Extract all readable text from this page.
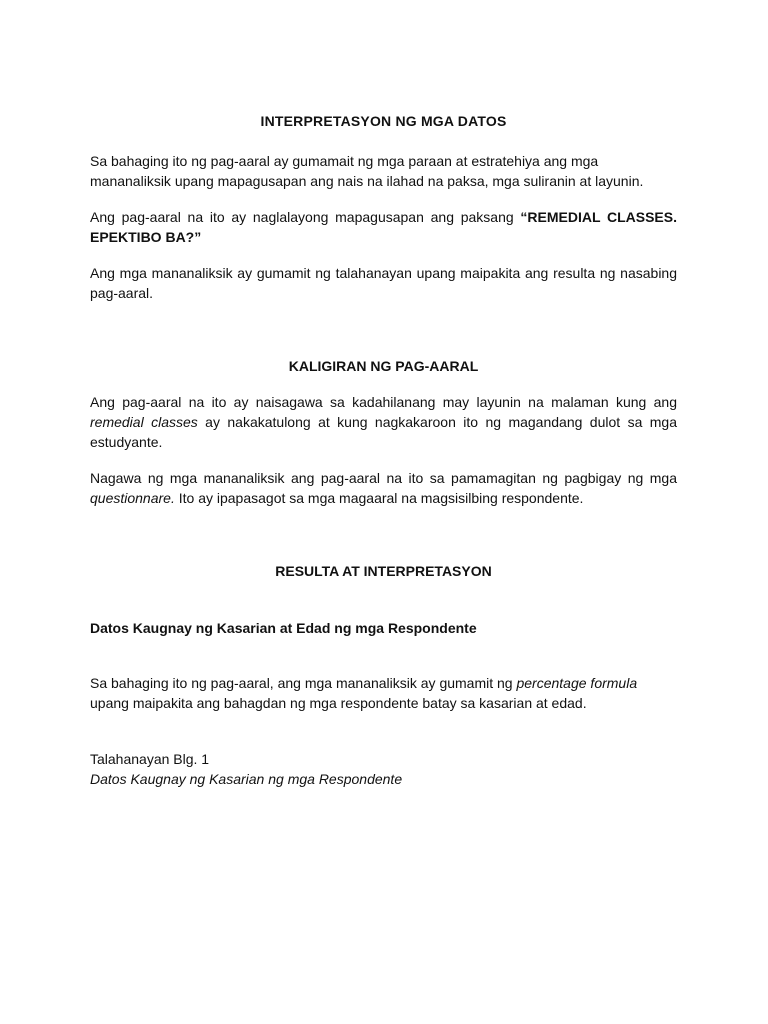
INTERPRETASYON NG MGA DATOS
Sa bahaging ito ng pag-aaral ay gumamait ng mga paraan at estratehiya ang mga mananaliksik upang mapagusapan ang nais na ilahad na paksa, mga suliranin at layunin.
Ang pag-aaral na ito ay naglalayong mapagusapan ang paksang “REMEDIAL CLASSES. EPEKTIBO BA?”
Ang mga mananaliksik ay gumamit ng talahanayan upang maipakita ang resulta ng nasabing pag-aaral.
KALIGIRAN NG PAG-AARAL
Ang pag-aaral na ito ay naisagawa sa kadahilanang may layunin na malaman kung ang remedial classes ay nakakatulong at kung nagkakaroon ito ng magandang dulot sa mga estudyante.
Nagawa ng mga mananaliksik ang pag-aaral na ito sa pamamagitan ng pagbigay ng mga questionnare. Ito ay ipapasagot sa mga magaaral na magsisilbing respondente.
RESULTA AT INTERPRETASYON
Datos Kaugnay ng Kasarian at Edad ng mga Respondente
Sa bahaging ito ng pag-aaral, ang mga mananaliksik ay gumamit ng percentage formula upang maipakita ang bahagdan ng mga respondente batay sa kasarian at edad.
Talahanayan Blg. 1
Datos Kaugnay ng Kasarian ng mga Respondente
